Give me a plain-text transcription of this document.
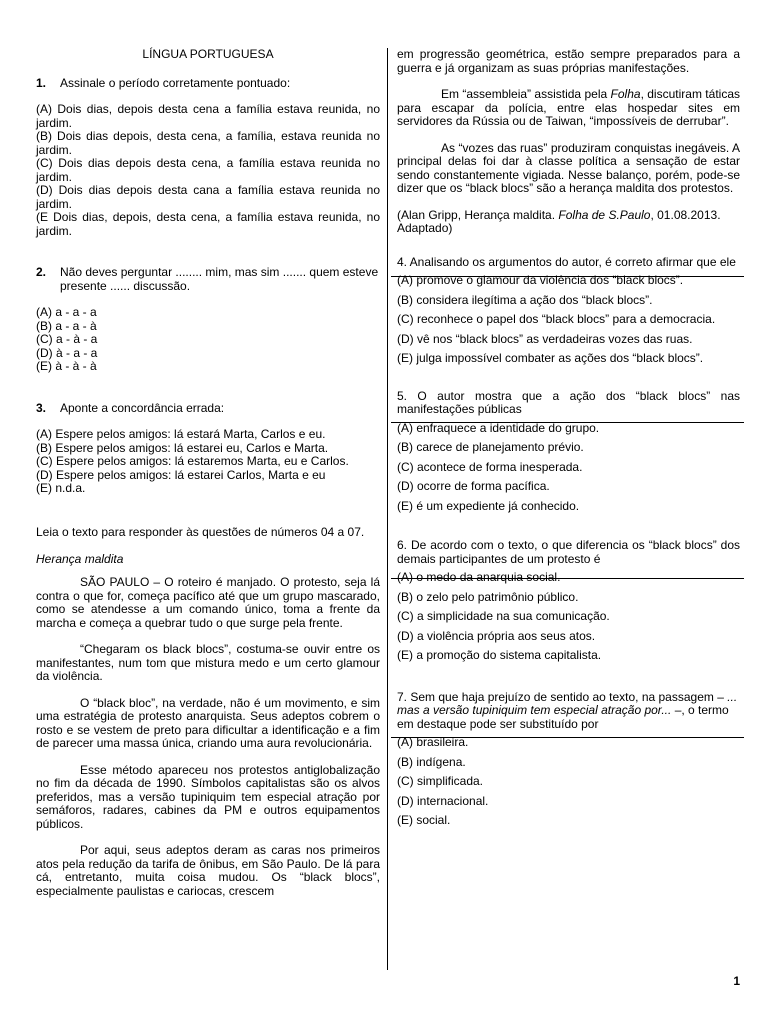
LÍNGUA PORTUGUESA

1.	Assinale o período corretamente pontuado:

(A) Dois dias, depois desta cena a família estava reunida, no jardim.

(B) Dois dias depois, desta cena, a família, estava reunida no jardim.

(C) Dois dias depois desta cena, a família estava reunida no jardim.

(D) Dois dias depois desta cana a família estava reunida no jardim.

(E Dois dias, depois, desta cena, a família estava reunida, no jardim.

2.	Não deves perguntar ........ mim, mas sim ....... quem esteve presente ...... discussão.
(A) a - a - a
(B) a - a - à
(C) a - à - a
(D) à - a - a
(E) à - à - à
3.	Aponte a concordância errada:
(A) Espere pelos amigos: lá estará Marta, Carlos e eu.
(B) Espere pelos amigos: lá estarei eu, Carlos e Marta.
(C) Espere pelos amigos: lá estaremos Marta, eu e Carlos.
(D) Espere pelos amigos: lá estarei Carlos, Marta e eu
(E) n.d.a.

Leia o texto para responder às questões de números 04 a 07.

Herança maldita

SÃO PAULO – O roteiro é manjado. O protesto, seja lá contra o que for, começa pacífico até que um grupo mascarado, como se atendesse a um comando único, toma a frente da marcha e começa a quebrar tudo o que surge pela frente.

“Chegaram os black blocs”, costuma-se ouvir entre os manifestantes, num tom que mistura medo e um certo glamour da violência.

O “black bloc”, na verdade, não é um movimento, e sim uma estratégia de protesto anarquista. Seus adeptos cobrem o rosto e se vestem de preto para dificultar a identificação e a fim de parecer uma massa única, criando uma aura revolucionária.

Esse método apareceu nos protestos antiglobalização no fim da década de 1990. Símbolos capitalistas são os alvos preferidos, mas a versão tupiniquim tem especial atração por semáforos, radares, cabines da PM e outros equipamentos públicos.

Por aqui, seus adeptos deram as caras nos primeiros atos pela redução da tarifa de ônibus, em São Paulo. De lá para cá, entretanto, muita coisa mudou. Os “black blocs”, especialmente paulistas e cariocas, crescem

em progressão geométrica, estão sempre preparados para a guerra e já organizam as suas próprias manifestações.

Em “assembleia” assistida pela Folha, discutiram táticas para escapar da polícia, entre elas hospedar sites em servidores da Rússia ou de Taiwan, “impossíveis de derrubar”.

As “vozes das ruas” produziram conquistas inegáveis. A principal delas foi dar à classe política a sensação de estar sendo constantemente vigiada. Nesse balanço, porém, pode-se dizer que os “black blocs” são a herança maldita dos protestos.

(Alan Gripp, Herança maldita. Folha de S.Paulo, 01.08.2013. Adaptado)

4. Analisando os argumentos do autor, é correto afirmar que ele

(A) promove o glamour da violência dos “black blocs”.

(B) considera ilegítima a ação dos “black blocs”.

(C) reconhece o papel dos “black blocs” para a democracia.

(D) vê nos “black blocs” as verdadeiras vozes das ruas.

(E) julga impossível combater as ações dos “black blocs”.

5. O autor mostra que a ação dos “black blocs” nas manifestações públicas

(A) enfraquece a identidade do grupo.

(B) carece de planejamento prévio.

(C) acontece de forma inesperada.

(D) ocorre de forma pacífica.

(E) é um expediente já conhecido.

6. De acordo com o texto, o que diferencia os “black blocs” dos demais participantes de um protesto é

(A) o medo da anarquia social.

(B) o zelo pelo patrimônio público.

(C) a simplicidade na sua comunicação.

(D) a violência própria aos seus atos.

(E) a promoção do sistema capitalista.

7. Sem que haja prejuízo de sentido ao texto, na passagem – ... mas a versão tupiniquim tem especial atração por... –, o termo em destaque pode ser substituído por

(A) brasileira.

(B) indígena.

(C) simplificada.

(D) internacional.

(E) social.

1
